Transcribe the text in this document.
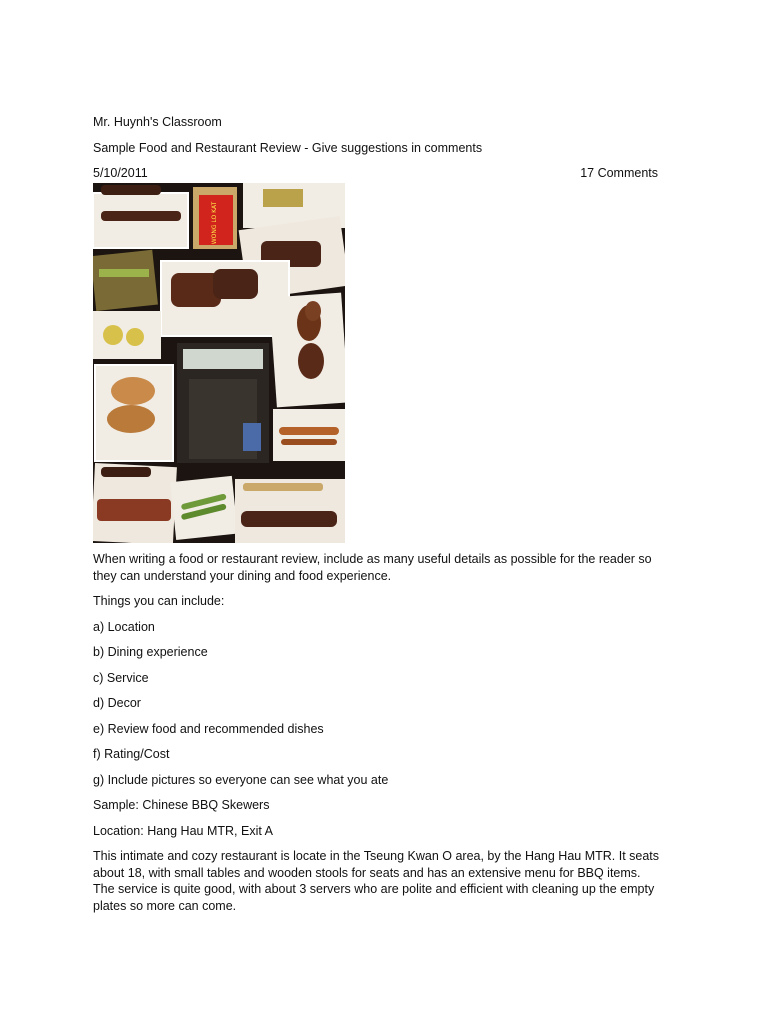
Mr. Huynh's Classroom
Sample Food and Restaurant Review - Give suggestions in comments
5/10/2011	17 Comments
WONG LO KAT

When writing a food or restaurant review, include as many useful details as possible for the reader so they can understand your dining and food experience.

Things you can include:
a) Location
b) Dining experience
c) Service
d) Decor
e) Review food and recommended dishes
f) Rating/Cost
g) Include pictures so everyone can see what you ate
Sample: Chinese BBQ Skewers
Location: Hang Hau MTR, Exit A

This intimate and cozy restaurant is locate in the Tseung Kwan O area, by the Hang Hau MTR. It seats about 18, with small tables and wooden stools for seats and has an extensive menu for BBQ items. The service is quite good, with about 3 servers who are polite and efficient with cleaning up the empty plates so more can come.
